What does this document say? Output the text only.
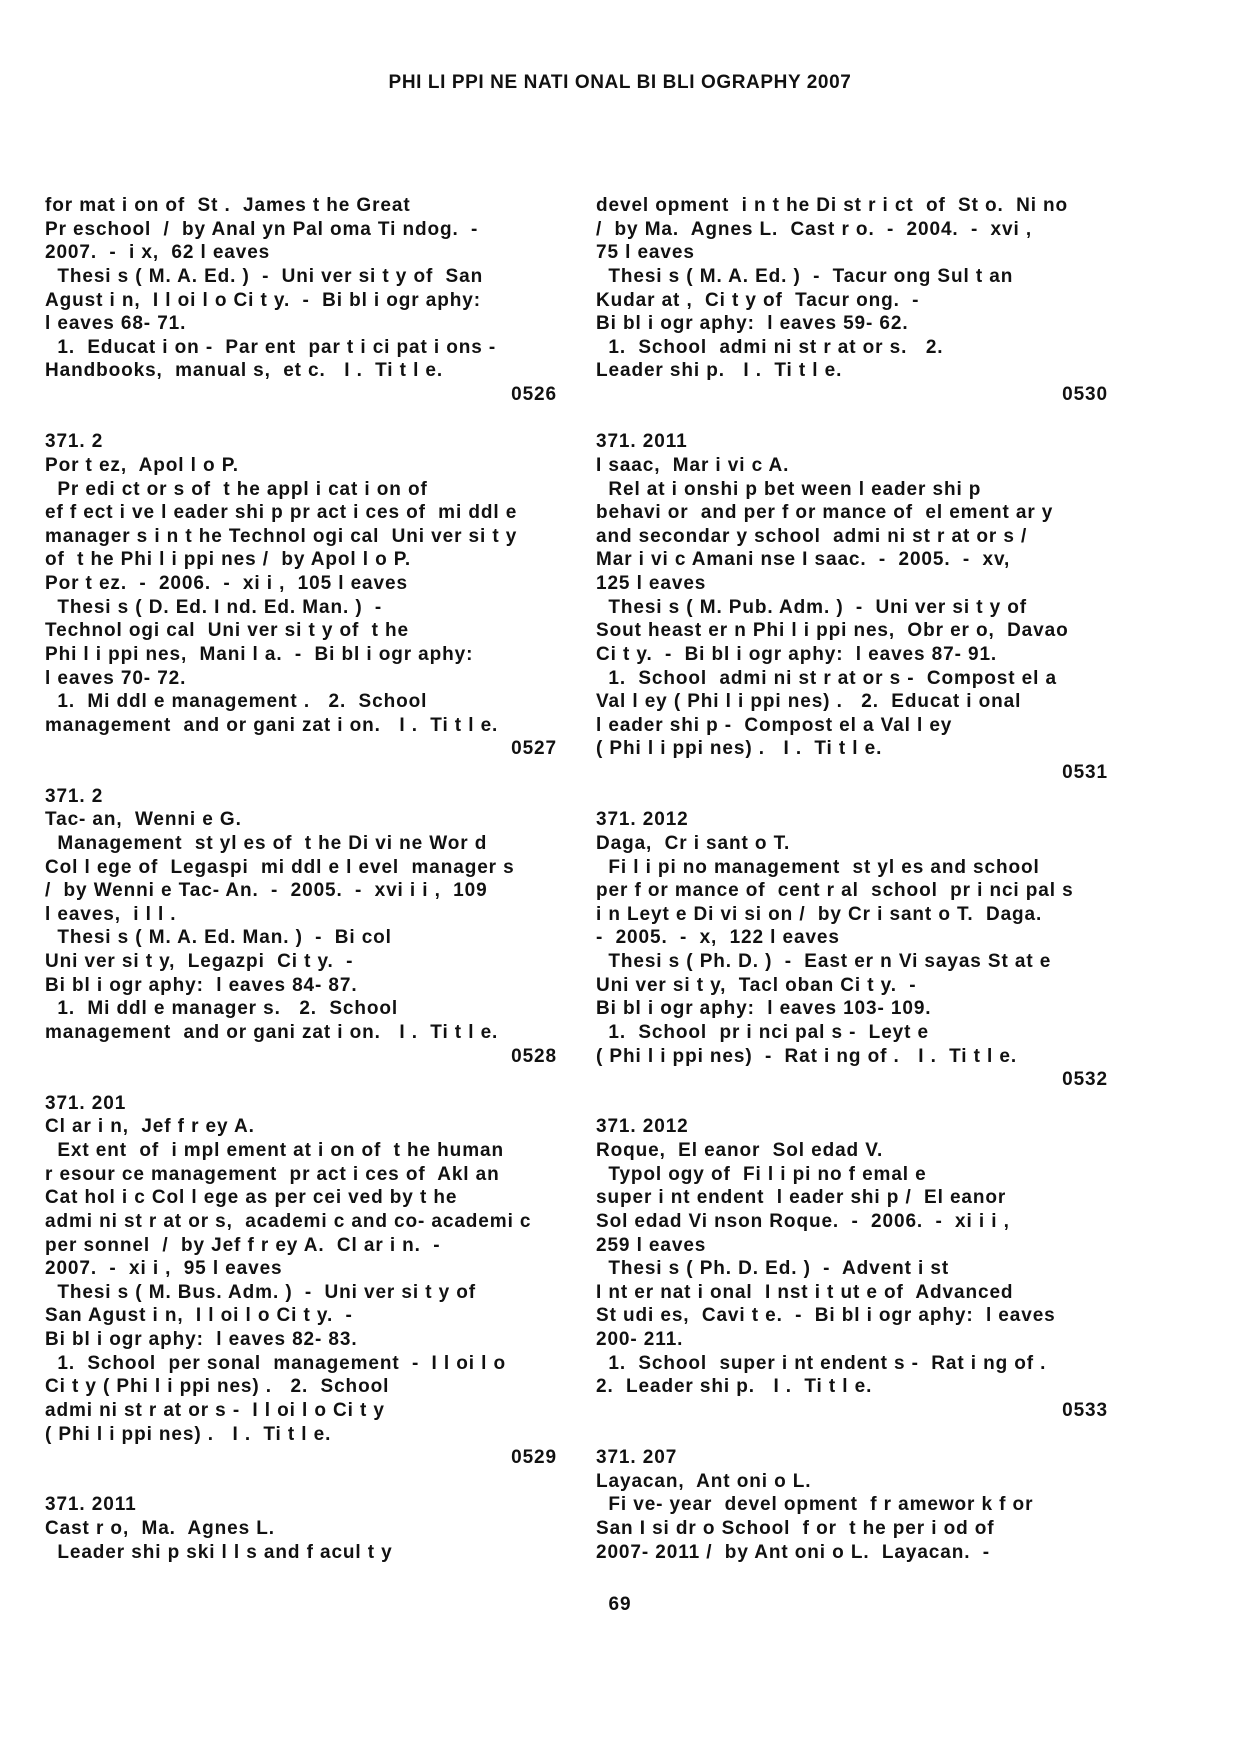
PHI LI PPI NE NATI ONAL BI BLI OGRAPHY 2007
for mat i on of  St .  James t he Great
Pr eschool  /  by Anal yn Pal oma Ti ndog.  -
2007.  -  i x,  62 l eaves
Thesi s ( M. A. Ed. )  -  Uni ver si t y of  San
Agust i n,  I l oi l o Ci t y.  -  Bi bl i ogr aphy:
l eaves 68- 71.
1.  Educat i on -  Par ent  par t i ci pat i ons -
Handbooks,  manual s,  et c.   I .  Ti t l e.
0526
371. 2
Por t ez,  Apol l o P.
Pr edi ct or s of  t he appl i cat i on of
ef f ect i ve l eader shi p pr act i ces of  mi ddl e
manager s i n t he Technol ogi cal  Uni ver si t y
of  t he Phi l i ppi nes /  by Apol l o P.
Por t ez.  -  2006.  -  xi i ,  105 l eaves
Thesi s ( D. Ed. I nd. Ed. Man. )  -
Technol ogi cal  Uni ver si t y of  t he
Phi l i ppi nes,  Mani l a.  -  Bi bl i ogr aphy:
l eaves 70- 72.
1.  Mi ddl e management .   2.  School
management  and or gani zat i on.   I .  Ti t l e.
0527
371. 2
Tac- an,  Wenni e G.
Management  st yl es of  t he Di vi ne Wor d
Col l ege of  Legaspi  mi ddl e l evel  manager s
/  by Wenni e Tac- An.  -  2005.  -  xvi i i ,  109
l eaves,  i l l .
Thesi s ( M. A. Ed. Man. )  -  Bi col
Uni ver si t y,  Legazpi  Ci t y.  -
Bi bl i ogr aphy:  l eaves 84- 87.
1.  Mi ddl e manager s.   2.  School
management  and or gani zat i on.   I .  Ti t l e.
0528
371. 201
Cl ar i n,  Jef f r ey A.
Ext ent  of  i mpl ement at i on of  t he human
r esour ce management  pr act i ces of  Akl an
Cat hol i c Col l ege as per cei ved by t he
admi ni st r at or s,  academi c and co- academi c
per sonnel  /  by Jef f r ey A.  Cl ar i n.  -
2007.  -  xi i ,  95 l eaves
Thesi s ( M. Bus. Adm. )  -  Uni ver si t y of
San Agust i n,  I l oi l o Ci t y.  -
Bi bl i ogr aphy:  l eaves 82- 83.
1.  School  per sonal  management  -  I l oi l o
Ci t y ( Phi l i ppi nes) .   2.  School
admi ni st r at or s -  I l oi l o Ci t y
( Phi l i ppi nes) .   I .  Ti t l e.
0529
371. 2011
Cast r o,  Ma.  Agnes L.
Leader shi p ski l l s and f acul t y
devel opment  i n t he Di st r i ct  of  St o.  Ni no
/  by Ma.  Agnes L.  Cast r o.  -  2004.  -  xvi ,
75 l eaves
Thesi s ( M. A. Ed. )  -  Tacur ong Sul t an
Kudar at ,  Ci t y of  Tacur ong.  -
Bi bl i ogr aphy:  l eaves 59- 62.
1.  School  admi ni st r at or s.   2.
Leader shi p.   I .  Ti t l e.
0530
371. 2011
I saac,  Mar i vi c A.
Rel at i onshi p bet ween l eader shi p
behavi or  and per f or mance of  el ement ar y
and secondar y school  admi ni st r at or s /
Mar i vi c Amani nse I saac.  -  2005.  -  xv,
125 l eaves
Thesi s ( M. Pub. Adm. )  -  Uni ver si t y of
Sout heast er n Phi l i ppi nes,  Obr er o,  Davao
Ci t y.  -  Bi bl i ogr aphy:  l eaves 87- 91.
1.  School  admi ni st r at or s -  Compost el a
Val l ey ( Phi l i ppi nes) .   2.  Educat i onal
l eader shi p -  Compost el a Val l ey
( Phi l i ppi nes) .   I .  Ti t l e.
0531
371. 2012
Daga,  Cr i sant o T.
Fi l i pi no management  st yl es and school
per f or mance of  cent r al  school  pr i nci pal s
i n Leyt e Di vi si on /  by Cr i sant o T.  Daga.
-  2005.  -  x,  122 l eaves
Thesi s ( Ph. D. )  -  East er n Vi sayas St at e
Uni ver si t y,  Tacl oban Ci t y.  -
Bi bl i ogr aphy:  l eaves 103- 109.
1.  School  pr i nci pal s -  Leyt e
( Phi l i ppi nes)  -  Rat i ng of .   I .  Ti t l e.
0532
371. 2012
Roque,  El eanor  Sol edad V.
Typol ogy of  Fi l i pi no f emal e
super i nt endent  l eader shi p /  El eanor
Sol edad Vi nson Roque.  -  2006.  -  xi i i ,
259 l eaves
Thesi s ( Ph. D. Ed. )  -  Advent i st
I nt er nat i onal  I nst i t ut e of  Advanced
St udi es,  Cavi t e.  -  Bi bl i ogr aphy:  l eaves
200- 211.
1.  School  super i nt endent s -  Rat i ng of .
2.  Leader shi p.   I .  Ti t l e.
0533
371. 207
Layacan,  Ant oni o L.
Fi ve- year  devel opment  f r amewor k f or
San I si dr o School  f or  t he per i od of
2007- 2011 /  by Ant oni o L.  Layacan.  -
69
